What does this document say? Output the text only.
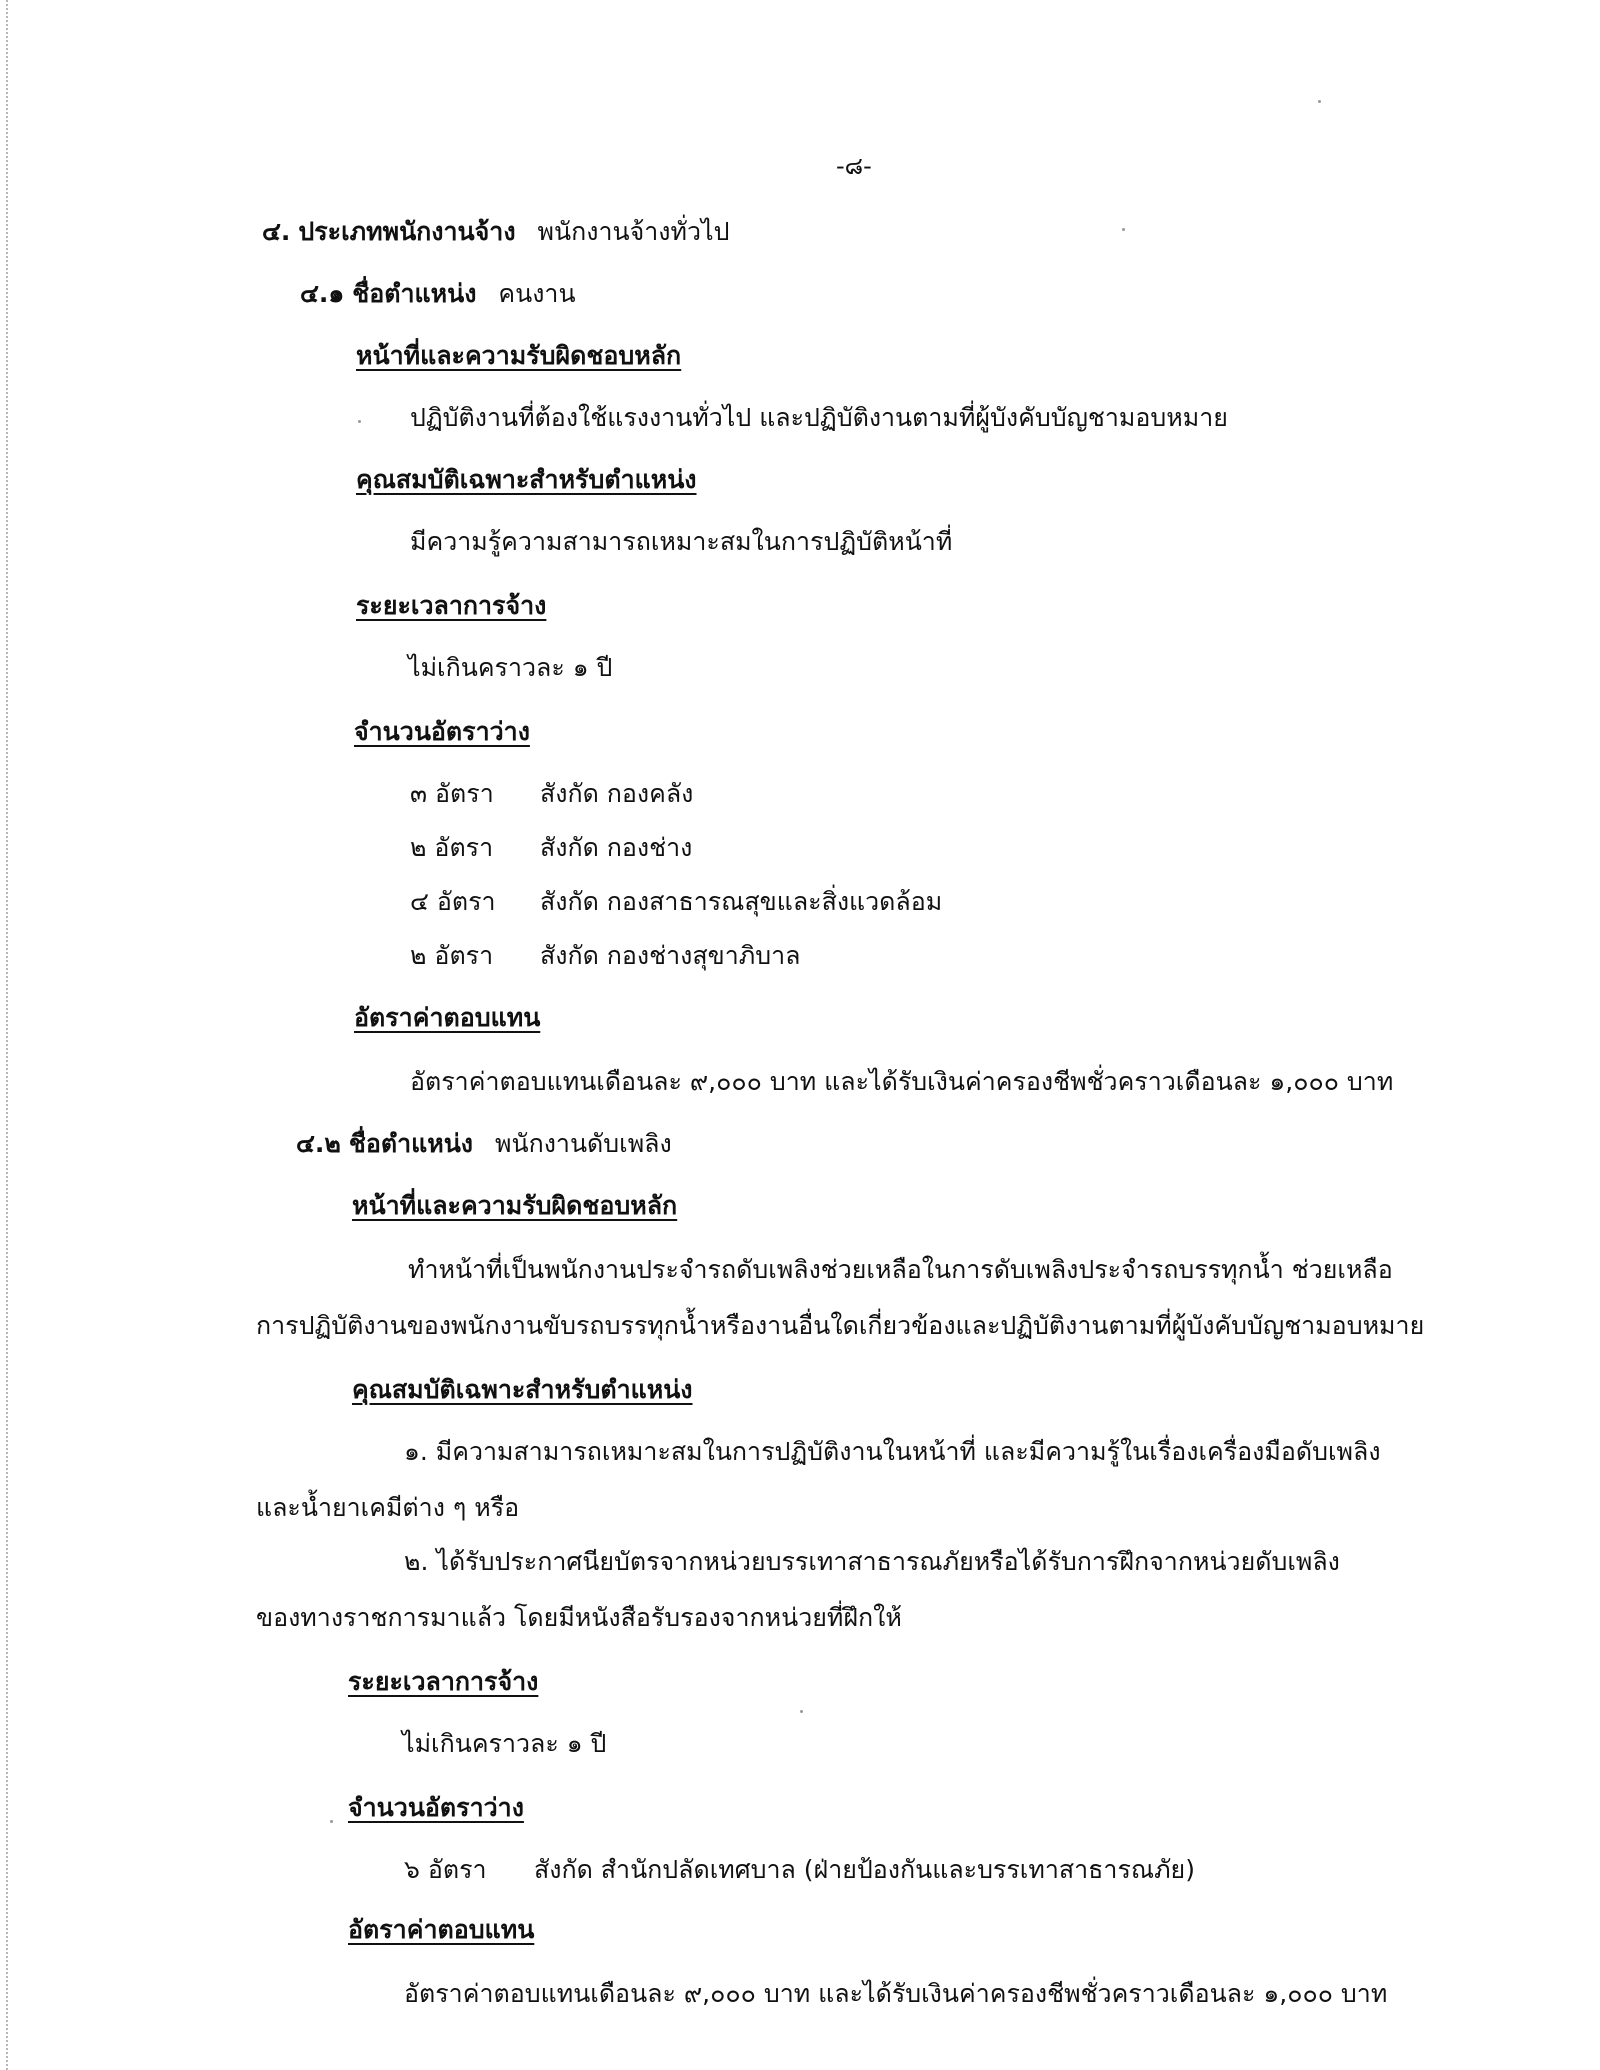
-๘-
๔. ประเภทพนักงานจ้าง พนักงานจ้างทั่วไป
๔.๑ ชื่อตำแหน่ง คนงาน
หน้าที่และความรับผิดชอบหลัก
ปฏิบัติงานที่ต้องใช้แรงงานทั่วไป และปฏิบัติงานตามที่ผู้บังคับบัญชามอบหมาย
คุณสมบัติเฉพาะสำหรับตำแหน่ง
มีความรู้ความสามารถเหมาะสมในการปฏิบัติหน้าที่
ระยะเวลาการจ้าง
ไม่เกินคราวละ ๑ ปี
จำนวนอัตราว่าง
๓ อัตรา สังกัด กองคลัง
๒ อัตรา สังกัด กองช่าง
๔ อัตรา สังกัด กองสาธารณสุขและสิ่งแวดล้อม
๒ อัตรา สังกัด กองช่างสุขาภิบาล
อัตราค่าตอบแทน
อัตราค่าตอบแทนเดือนละ ๙,๐๐๐ บาท และได้รับเงินค่าครองชีพชั่วคราวเดือนละ ๑,๐๐๐ บาท
๔.๒ ชื่อตำแหน่ง พนักงานดับเพลิง
หน้าที่และความรับผิดชอบหลัก
ทำหน้าที่เป็นพนักงานประจำรถดับเพลิงช่วยเหลือในการดับเพลิงประจำรถบรรทุกน้ำ ช่วยเหลือ
การปฏิบัติงานของพนักงานขับรถบรรทุกน้ำหรืองานอื่นใดเกี่ยวข้องและปฏิบัติงานตามที่ผู้บังคับบัญชามอบหมาย
คุณสมบัติเฉพาะสำหรับตำแหน่ง
๑. มีความสามารถเหมาะสมในการปฏิบัติงานในหน้าที่ และมีความรู้ในเรื่องเครื่องมือดับเพลิง
และน้ำยาเคมีต่าง ๆ หรือ
๒. ได้รับประกาศนียบัตรจากหน่วยบรรเทาสาธารณภัยหรือได้รับการฝึกจากหน่วยดับเพลิง
ของทางราชการมาแล้ว โดยมีหนังสือรับรองจากหน่วยที่ฝึกให้
ระยะเวลาการจ้าง
ไม่เกินคราวละ ๑ ปี
จำนวนอัตราว่าง
๖ อัตรา สังกัด สำนักปลัดเทศบาล (ฝ่ายป้องกันและบรรเทาสาธารณภัย)
อัตราค่าตอบแทน
อัตราค่าตอบแทนเดือนละ ๙,๐๐๐ บาท และได้รับเงินค่าครองชีพชั่วคราวเดือนละ ๑,๐๐๐ บาท
